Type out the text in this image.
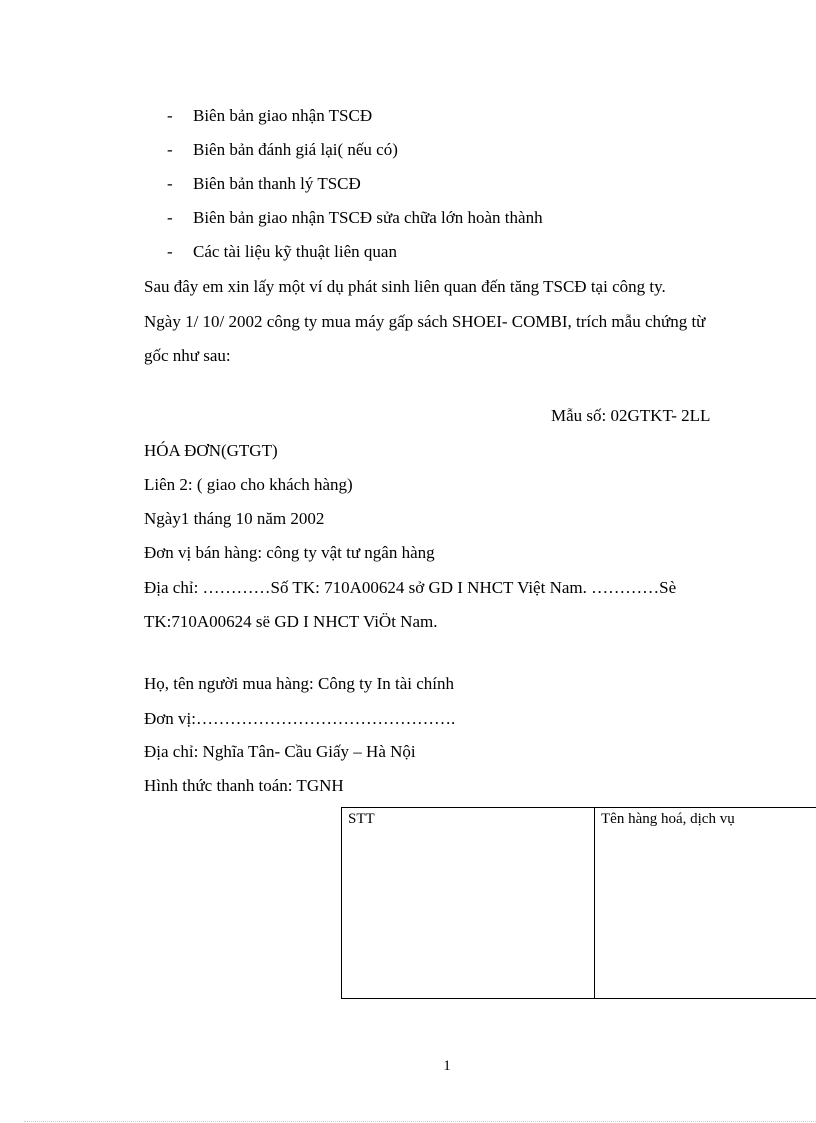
- Biên bản giao nhận TSCĐ
- Biên bản đánh giá lại( nếu có)
- Biên bản thanh lý TSCĐ
- Biên bản giao nhận TSCĐ sửa chữa lớn hoàn thành
- Các tài liệu kỹ thuật liên quan
Sau đây em xin lấy một ví dụ phát sinh liên quan đến tăng TSCĐ tại công ty.
Ngày 1/ 10/ 2002 công ty mua máy gấp sách SHOEI- COMBI, trích mẫu chứng từ
gốc như sau:
Mẫu số: 02GTKT- 2LL
HÓA ĐƠN(GTGT)
Liên 2: ( giao cho khách hàng)
Ngày1 tháng 10 năm 2002
Đơn vị bán hàng: công ty vật tư ngân hàng
Địa chỉ: …………Số TK: 710A00624 sở GD I NHCT Việt Nam. …………Sè
TK:710A00624 së GD I NHCT ViÖt Nam.
Họ, tên người mua hàng: Công ty In tài chính
Đơn vị:……………………………………….
Địa chỉ: Nghĩa Tân- Cầu Giấy – Hà Nội
Hình thức thanh toán: TGNH
STT	Tên hàng hoá, dịch vụ
1
